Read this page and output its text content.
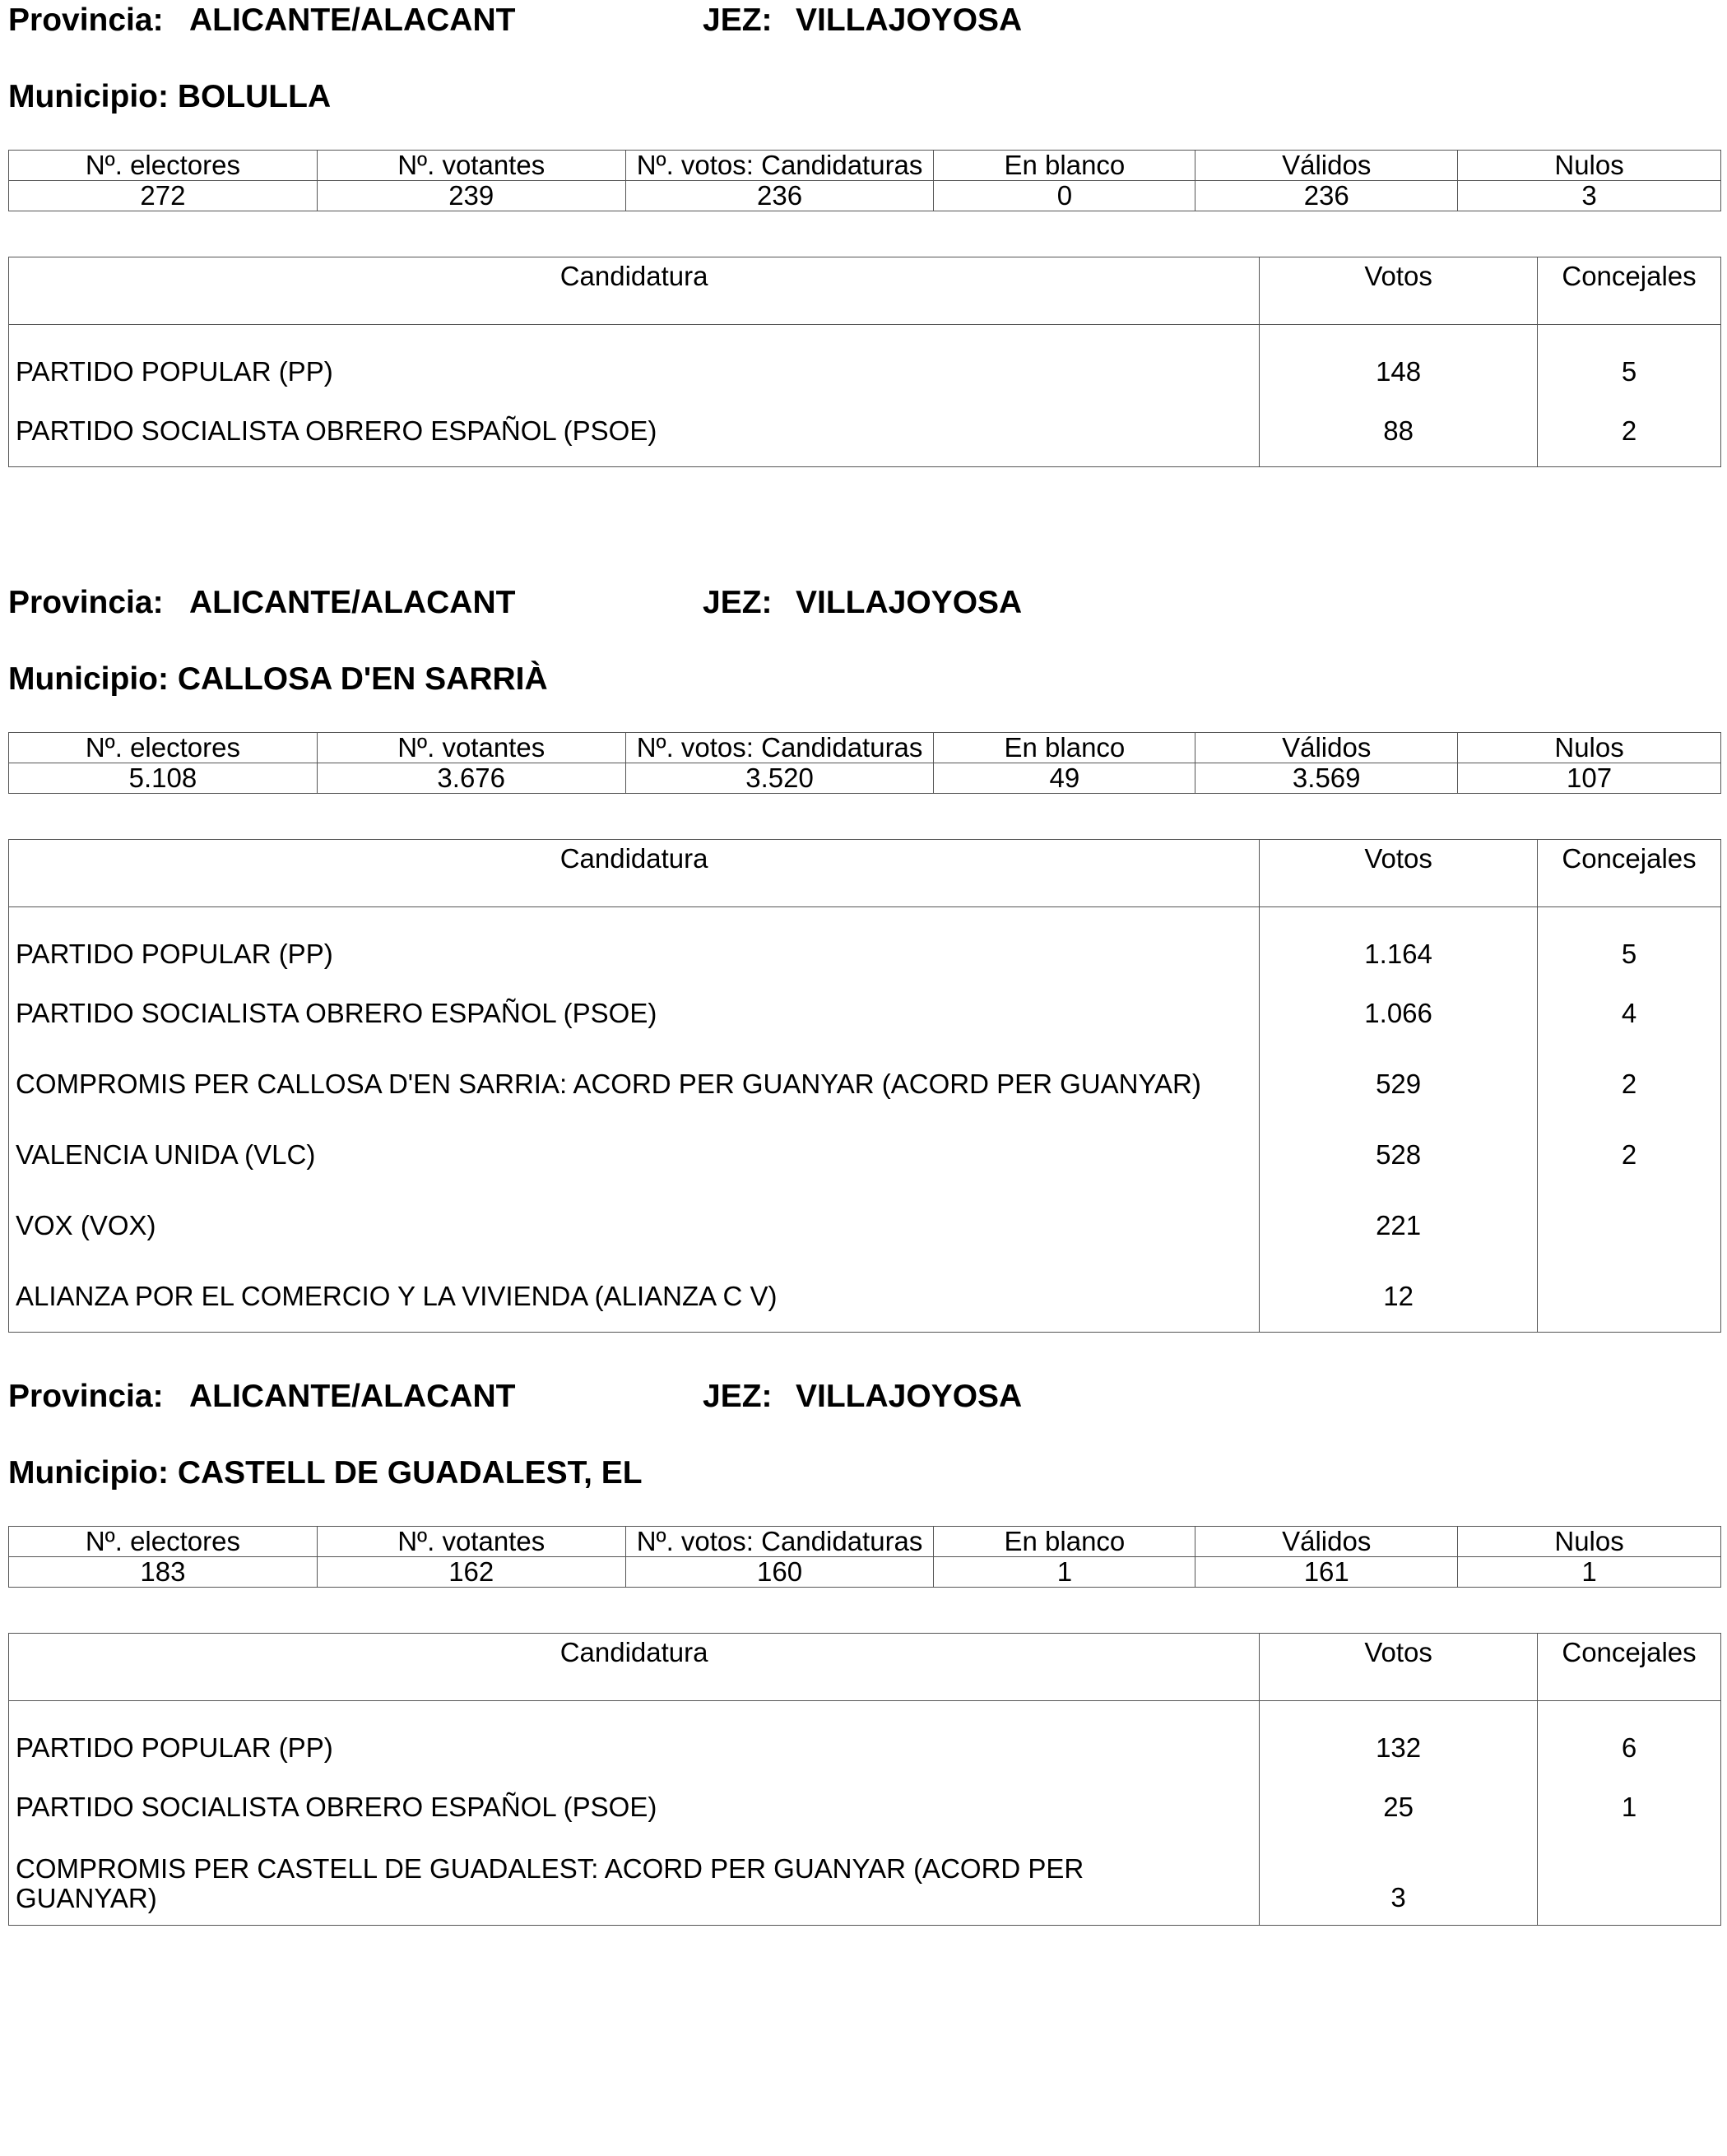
Provincia: ALICANTE/ALACANT	JEZ: VILLAJOYOSA
Municipio: BOLULLA
Nº. electores	Nº. votantes	Nº. votos: Candidaturas	En blanco	Válidos	Nulos
272	239	236	0	236	3
Candidatura	Votos	Concejales
PARTIDO POPULAR (PP)	148	5
PARTIDO SOCIALISTA OBRERO ESPAÑOL (PSOE)	88	2
Provincia: ALICANTE/ALACANT	JEZ: VILLAJOYOSA
Municipio: CALLOSA D'EN SARRIÀ
Nº. electores	Nº. votantes	Nº. votos: Candidaturas	En blanco	Válidos	Nulos
5.108	3.676	3.520	49	3.569	107
Candidatura	Votos	Concejales
PARTIDO POPULAR (PP)	1.164	5
PARTIDO SOCIALISTA OBRERO ESPAÑOL (PSOE)	1.066	4
COMPROMIS PER CALLOSA D'EN SARRIA: ACORD PER GUANYAR (ACORD PER GUANYAR)	529	2
VALENCIA UNIDA (VLC)	528	2
VOX (VOX)	221	
ALIANZA POR EL COMERCIO Y LA VIVIENDA (ALIANZA C V)	12	
Provincia: ALICANTE/ALACANT	JEZ: VILLAJOYOSA
Municipio: CASTELL DE GUADALEST, EL
Nº. electores	Nº. votantes	Nº. votos: Candidaturas	En blanco	Válidos	Nulos
183	162	160	1	161	1
Candidatura	Votos	Concejales
PARTIDO POPULAR (PP)	132	6
PARTIDO SOCIALISTA OBRERO ESPAÑOL (PSOE)	25	1
COMPROMIS PER CASTELL DE GUADALEST: ACORD PER GUANYAR (ACORD PER GUANYAR)	3	
